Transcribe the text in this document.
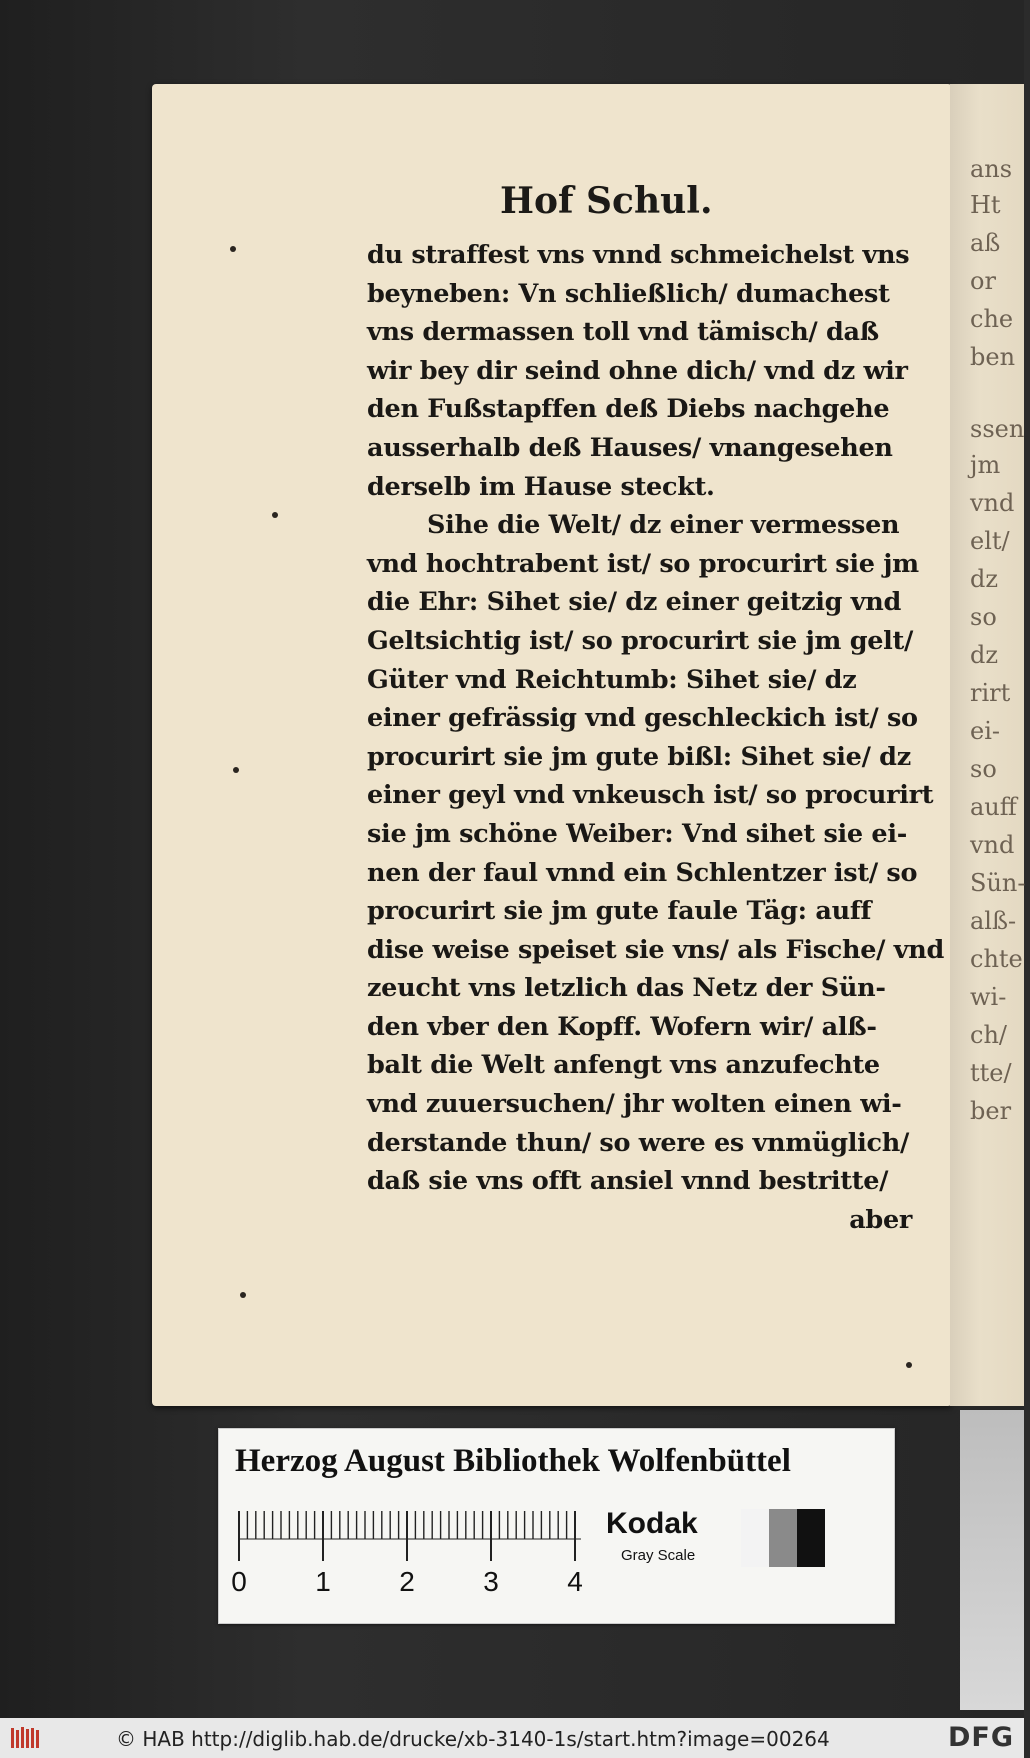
ans
Ht
aß
or
che
ben
ssen
jm
vnd
elt/
dz
so
dz
rirt
ei-
so
auff
vnd
Sün-
alß-
chte
wi-
ch/
tte/
ber
Hof Schul.
du straffest vns vnnd schmeichelst vns
beyneben: Vn schließlich/ dumachest
vns dermassen toll vnd tämisch/ daß
wir bey dir seind ohne dich/ vnd dz wir
den Fußstapffen deß Diebs nachgehe
ausserhalb deß Hauses/ vnangesehen
derselb im Hause steckt.
Sihe die Welt/ dz einer vermessen
vnd hochtrabent ist/ so procurirt sie jm
die Ehr: Sihet sie/ dz einer geitzig vnd
Geltsichtig ist/ so procurirt sie jm gelt/
Güter vnd Reichtumb: Sihet sie/ dz
einer gefrässig vnd geschleckich ist/ so
procurirt sie jm gute bißl: Sihet sie/ dz
einer geyl vnd vnkeusch ist/ so procurirt
sie jm schöne Weiber: Vnd sihet sie ei-
nen der faul vnnd ein Schlentzer ist/ so
procurirt sie jm gute faule Täg: auff
dise weise speiset sie vns/ als Fische/ vnd
zeucht vns letzlich das Netz der Sün-
den vber den Kopff. Wofern wir/ alß-
balt die Welt anfengt vns anzufechte
vnd zuuersuchen/ jhr wolten einen wi-
derstande thun/ so were es vnmüglich/
daß sie vns offt ansiel vnnd bestritte/
aber
Herzog August Bibliothek Wolfenbüttel
0 1 2 3 4
Kodak
Gray Scale
© HAB http://diglib.hab.de/drucke/xb-3140-1s/start.htm?image=00264	DFG
